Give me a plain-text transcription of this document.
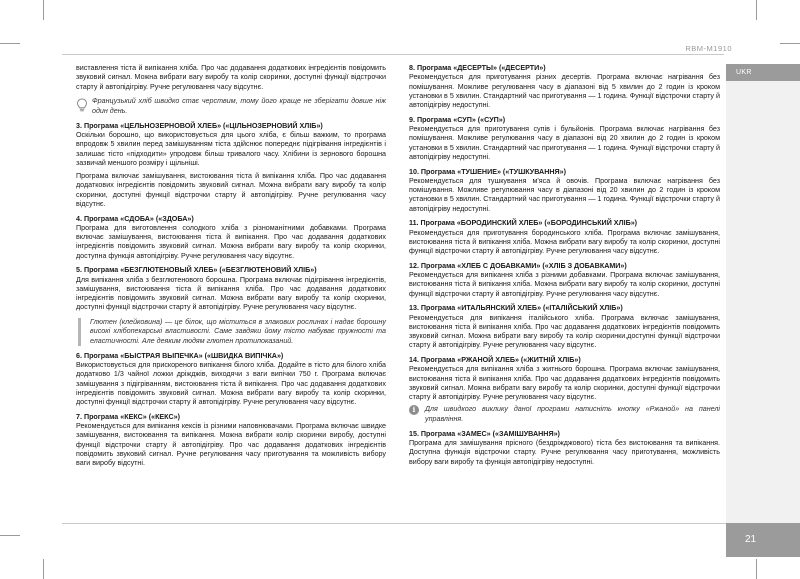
RBM-M1910
UKR
21
виставлення тіста й випікання хліба. Про час додавання додаткових інгредієнтів повідомить звуковий сигнал. Можна вибрати вагу виробу та колір скоринки, доступні функції відстрочки старту й автопідігріву. Ручне регулювання часу відсутнє.
Французький хліб швидко стає черствим, тому його краще не зберігати довше ніж один день.
3. Програма «ЦЕЛЬНОЗЕРНОВОЙ ХЛЕБ» («ЦІЛЬНОЗЕРНОВИЙ ХЛІБ»)
Оскільки борошно, що використовується для цього хліба, є більш важким, то програма впродовж 5 хвилин перед замішуванням тіста здійснює попереднє підігрівання інгредієнтів і залишає тісто «підходити» упродовж більш тривалого часу. Хлібини із зернового борошна зазвичай меншого розміру і щільніші.
Програма включає замішування, вистоювання тіста й випікання хліба. Про час додавання додаткових інгредієнтів повідомить звуковий сигнал. Можна вибрати вагу виробу та колір скоринки, доступні функції відстрочки старту й автопідігріву. Ручне регулювання часу відсутнє.
4. Програма «СДОБА» («ЗДОБА»)
Програма для виготовлення солодкого хліба з різноманітними добавками. Програма включає замішування, вистоювання тіста й випікання. Про час додавання додаткових інгредієнтів повідомить звуковий сигнал. Можна вибрати вагу виробу та колір скоринки, доступна функція автопідігріву. Ручне регулювання часу відсутнє.
5. Програма «БЕЗГЛЮТЕНОВЫЙ ХЛЕБ» («БЕЗГЛЮТЕНОВИЙ ХЛІБ»)
Для випікання хліба з безглютенового борошна. Програма включає підігрівання інгредієнтів, замішування, вистоювання тіста й випікання хліба. Про час додавання додаткових інгредієнтів повідомить звуковий сигнал. Можна вибрати вагу виробу та колір скоринки, доступні функції відстрочки старту й автопідігріву. Ручне регулювання часу відсутнє.
Глютен (клейковина) — це білок, що міститься в злакових рослинах і надає борошну високі хлібопекарські властивості. Саме завдяки йому тісто набуває пружності та еластичності. Але деяким людям глютен протипоказаний.
6. Програма «БЫСТРАЯ ВЫПЕЧКА» («ШВИДКА ВИПІЧКА»)
Використовується для прискореного випікання білого хліба. Додайте в тісто для білого хліба додатково 1/3 чайної ложки дріжджів, виходячи з ваги випічки 750 г. Програма включає замішування з підігріванням, вистоювання тіста й випікання. Про час додавання додаткових інгредієнтів повідомить звуковий сигнал. Можна вибрати вагу виробу та колір скоринки, доступні функції відстрочки старту й автопідігріву. Ручне регулювання часу відсутнє.
7. Програма «КЕКС» («КЕКС»)
Рекомендується для випікання кексів із різними наповнювачами. Програма включає швидке замішування, вистоювання та випікання. Можна вибрати колір скоринки виробу, доступні функції відстрочки старту й автопідігріву. Про час додавання додаткових інгредієнтів повідомить звуковий сигнал. Ручне регулювання часу приготування та можливість вибору ваги виробу відсутні.
8. Програма «ДЕСЕРТЫ» («ДЕСЕРТИ»)
Рекомендується для приготування різних десертів. Програма включає нагрівання без помішування. Можливе регулювання часу в діапазоні від 5 хвилин до 2 годин із кроком установки в 5 хвилин. Стандартний час приготування — 1 година. Функції відстрочки старту й автопідігріву недоступні.
9. Програма «СУП» («СУП»)
Рекомендується для приготування супів і бульйонів. Програма включає нагрівання без помішування. Можливе регулювання часу в діапазоні від 20 хвилин до 2 годин із кроком установки в 5 хвилин. Стандартний час приготування — 1 година. Функції відстрочки старту й автопідігріву недоступні.
10. Програма «ТУШЕНИЕ» («ТУШКУВАННЯ»)
Рекомендується для тушкування м'яса й овочів. Програма включає нагрівання без помішування. Можливе регулювання часу в діапазоні від 20 хвилин до 2 годин із кроком установки в 5 хвилин. Стандартний час приготування — 1 година. Функції відстрочки старту й автопідігріву недоступні.
11. Програма «БОРОДИНСКИЙ ХЛЕБ» («БОРОДИНСЬКИЙ ХЛІБ»)
Рекомендується для приготування бородинського хліба. Програма включає замішування, вистоювання тіста й випікання хліба. Можна вибрати вагу виробу та колір скоринки, доступні функції відстрочки старту й автопідігріву. Ручне регулювання часу відсутнє.
12. Програма «ХЛЕБ С ДОБАВКАМИ» («ХЛІБ З ДОБАВКАМИ»)
Рекомендується для випікання хліба з різними добавками. Програма включає замішування, вистоювання тіста й випікання хліба. Можна вибрати вагу виробу та колір скоринки, доступні функції відстрочки старту й автопідігріву. Ручне регулювання часу відсутнє.
13. Програма «ИТАЛЬЯНСКИЙ ХЛЕБ» («ІТАЛІЙСЬКИЙ ХЛІБ»)
Рекомендується для випікання італійського хліба. Програма включає замішування, вистоювання тіста й випікання хліба. Про час додавання додаткових інгредієнтів повідомить звуковий сигнал. Можна вибрати вагу виробу та колір скоринки,доступні функції відстрочки старту й автопідігріву. Ручне регулювання часу відсутнє.
14. Програма «РЖАНОЙ ХЛЕБ» («ЖИТНІЙ ХЛІБ»)
Рекомендується для випікання хліба з житнього борошна. Програма включає замішування, вистоювання тіста й випікання хліба. Про час додавання додаткових інгредієнтів повідомить звуковий сигнал. Можна вибрати вагу виробу та колір скоринки, доступні функції відстрочки старту й автопідігріву. Ручне регулювання часу відсутнє.
i	Для швидкого виклику даної програми натисніть кнопку «Ржаной» на панелі управління.
15. Програма «ЗАМЕС» («ЗАМІШУВАННЯ»)
Програма для замішування прісного (бездріжджового) тіста без вистоювання та випікання. Доступна функція відстрочки старту. Ручне регулювання часу приготування, можливість вибору ваги виробу та функція автопідігріву недоступні.
